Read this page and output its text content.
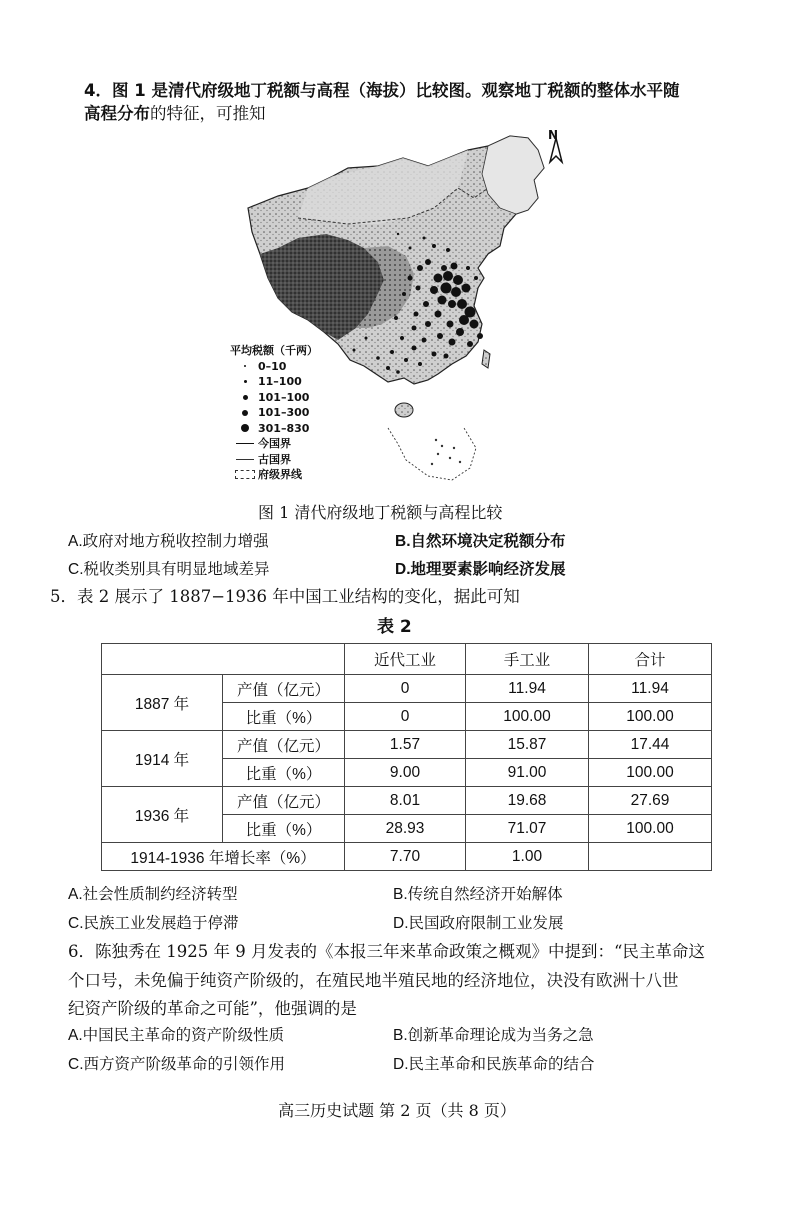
4．图 1 是清代府级地丁税额与高程（海拔）比较图。观察地丁税额的整体水平随
高程分布的特征，可推知
N
平均税额（千两）
0–10
11–100
101–100
101–300
301–830
今国界
古国界
府级界线
图 1 清代府级地丁税额与高程比较
A.政府对地方税收控制力增强	B.自然环境决定税额分布
C.税收类别具有明显地域差异	D.地理要素影响经济发展
5．表 2 展示了 1887−1936 年中国工业结构的变化，据此可知
表 2
		近代工业	手工业	合计
1887 年	产值（亿元）	0	11.94	11.94
	比重（%）	0	100.00	100.00
1914 年	产值（亿元）	1.57	15.87	17.44
	比重（%）	9.00	91.00	100.00
1936 年	产值（亿元）	8.01	19.68	27.69
	比重（%）	28.93	71.07	100.00
1914-1936 年增长率（%）		7.70	1.00	
A.社会性质制约经济转型	B.传统自然经济开始解体
C.民族工业发展趋于停滞	D.民国政府限制工业发展
6．陈独秀在 1925 年 9 月发表的《本报三年来革命政策之概观》中提到：“民主革命这
个口号，未免偏于纯资产阶级的，在殖民地半殖民地的经济地位，决没有欧洲十八世
纪资产阶级的革命之可能”，他强调的是
A.中国民主革命的资产阶级性质	B.创新革命理论成为当务之急
C.西方资产阶级革命的引领作用	D.民主革命和民族革命的结合
高三历史试题 第 2 页（共 8 页）
